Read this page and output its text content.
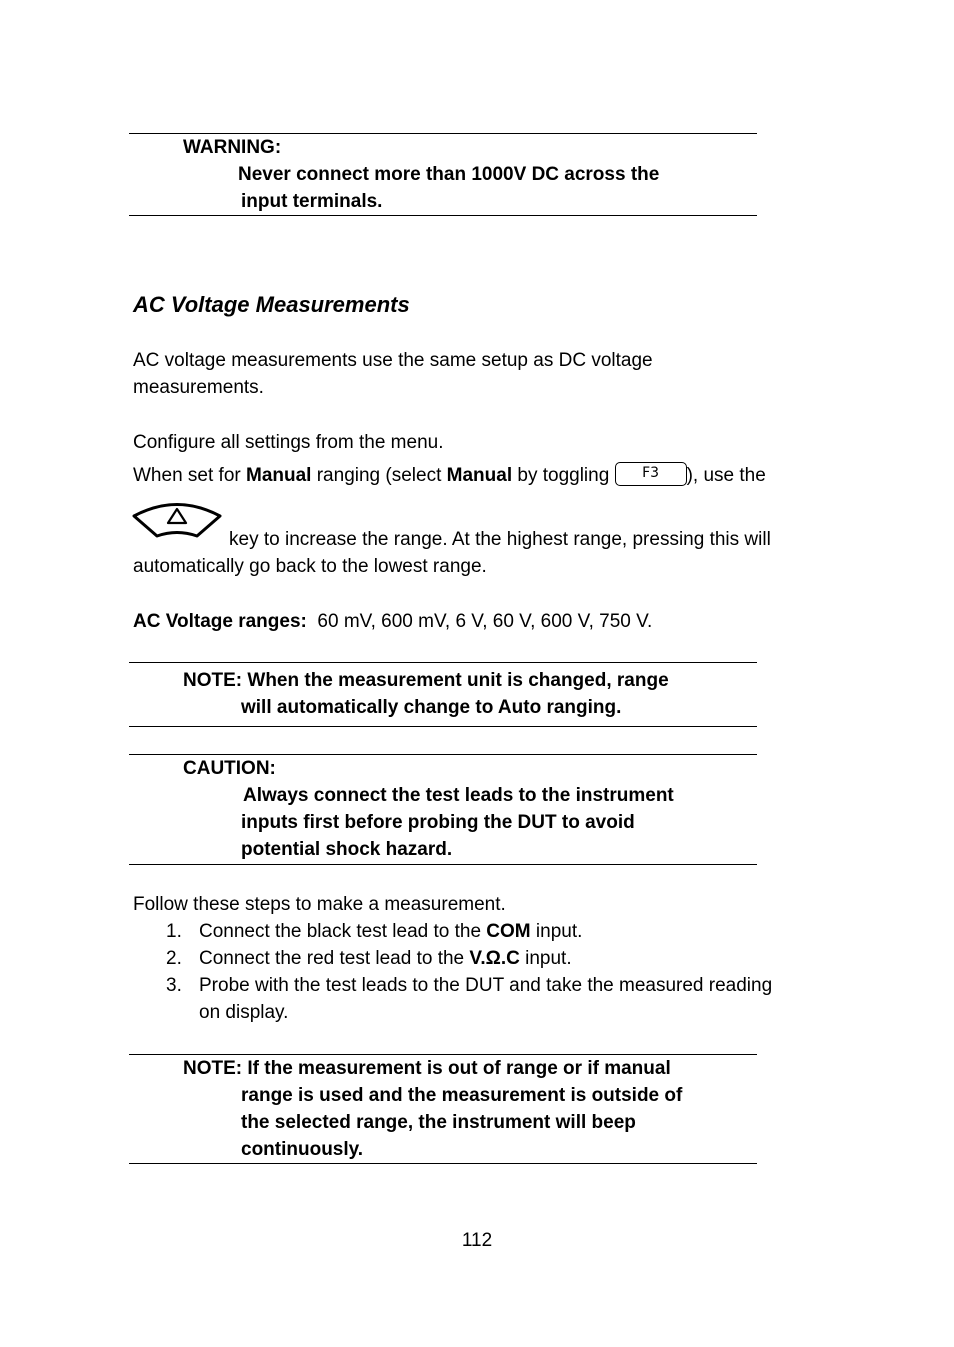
WARNING:
Never connect more than 1000V DC across the
input terminals.
AC Voltage Measurements
AC voltage measurements use the same setup as DC voltage
measurements.
Configure all settings from the menu.
When set for Manual ranging (select Manual by toggling F3 ), use the
key to increase the range. At the highest range, pressing this will
automatically go back to the lowest range.
AC Voltage ranges: 60 mV, 600 mV, 6 V, 60 V, 600 V, 750 V.
NOTE: When the measurement unit is changed, range
will automatically change to Auto ranging.
CAUTION:
Always connect the test leads to the instrument
inputs first before probing the DUT to avoid
potential shock hazard.
Follow these steps to make a measurement.
1. Connect the black test lead to the COM input.
2. Connect the red test lead to the V.Ω.C input.
3. Probe with the test leads to the DUT and take the measured reading
on display.
NOTE: If the measurement is out of range or if manual
range is used and the measurement is outside of
the selected range, the instrument will beep
continuously.
112
